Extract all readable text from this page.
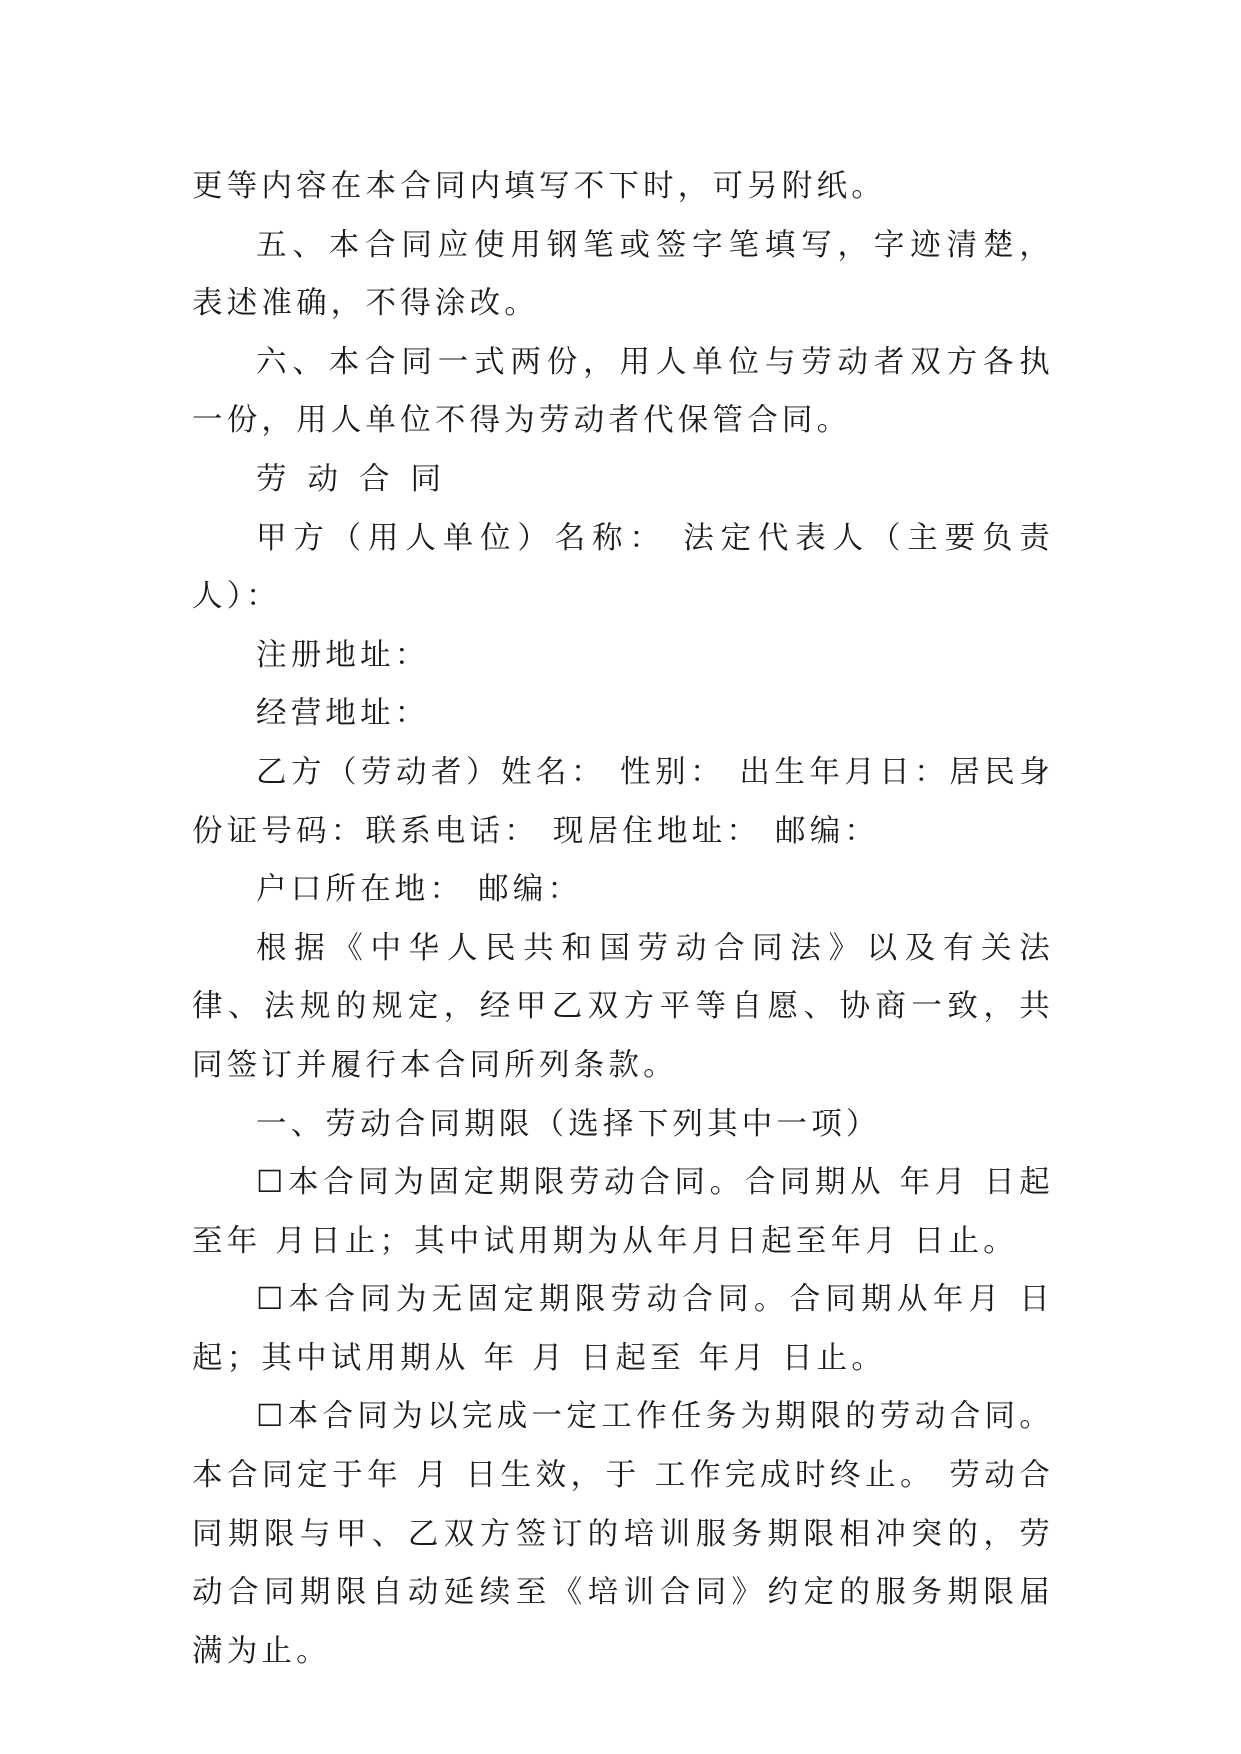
更等内容在本合同内填写不下时，可另附纸。

五、本合同应使用钢笔或签字笔填写，字迹清楚，表述准确，不得涂改。

六、本合同一式两份，用人单位与劳动者双方各执一份，用人单位不得为劳动者代保管合同。

劳动合同

甲方（用人单位）名称： 法定代表人（主要负责人）：

注册地址：

经营地址：

乙方（劳动者）姓名： 性别： 出生年月日：居民身份证号码：联系电话： 现居住地址： 邮编：

户口所在地： 邮编：

根据《中华人民共和国劳动合同法》以及有关法律、法规的规定，经甲乙双方平等自愿、协商一致，共同签订并履行本合同所列条款。

一、劳动合同期限（选择下列其中一项）

☐本合同为固定期限劳动合同。合同期从 年月 日起至年 月日止；其中试用期为从年月日起至年月 日止。

☐本合同为无固定期限劳动合同。合同期从年月 日起；其中试用期从 年 月 日起至 年月 日止。

☐本合同为以完成一定工作任务为期限的劳动合同。本合同定于年 月 日生效，于 工作完成时终止。 劳动合同期限与甲、乙双方签订的培训服务期限相冲突的，劳动合同期限自动延续至《培训合同》约定的服务期限届满为止。
